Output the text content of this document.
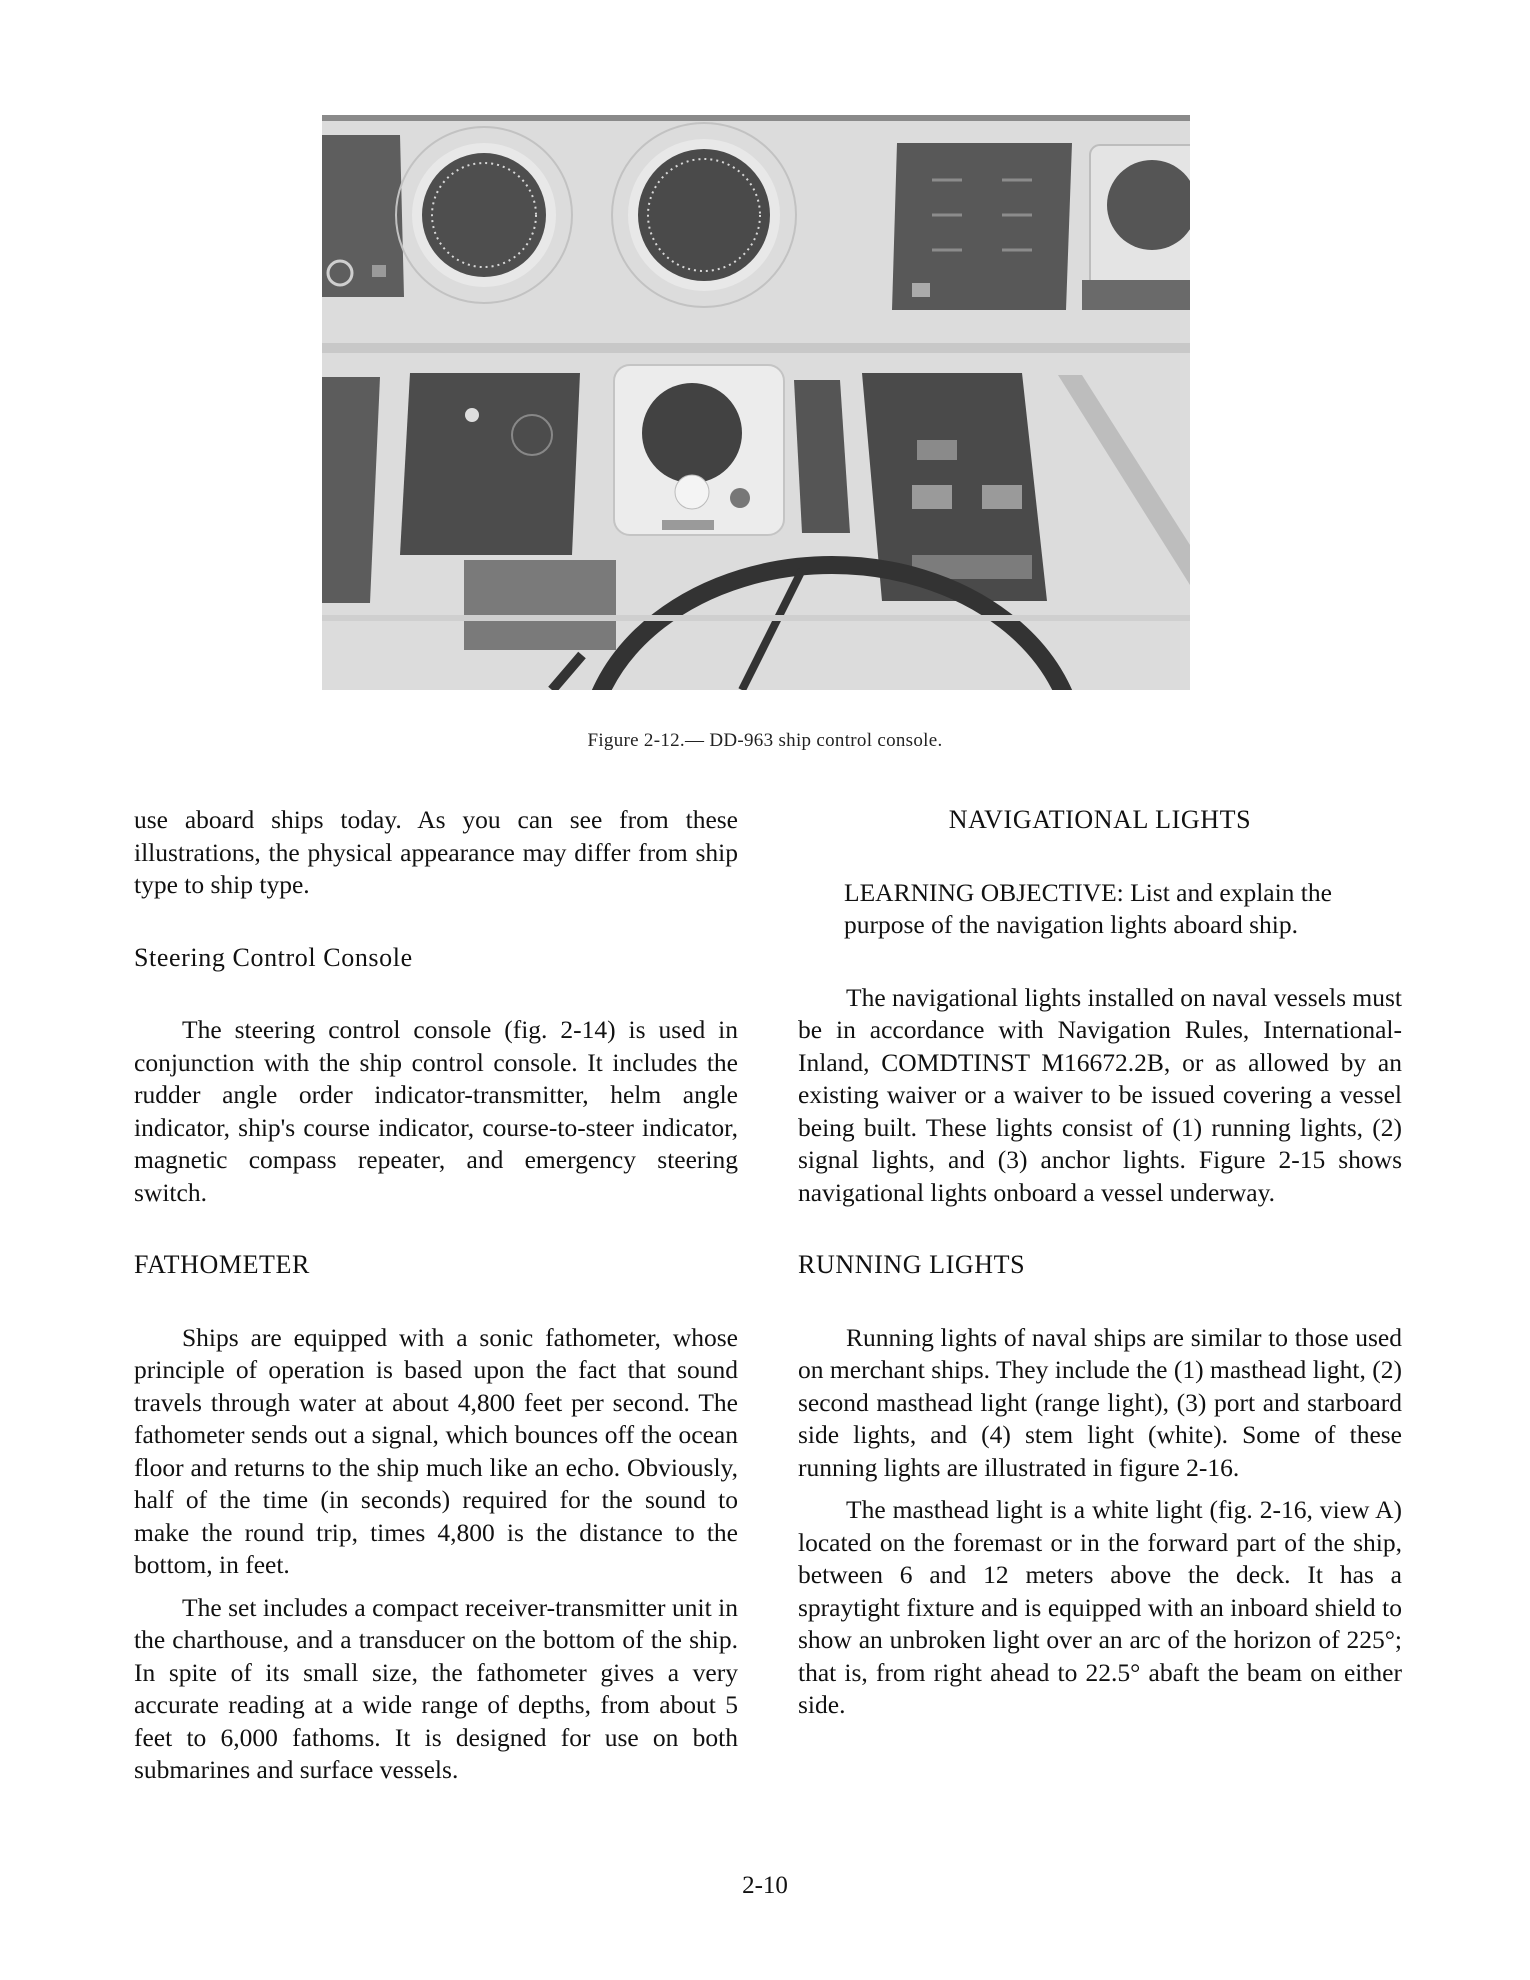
Figure 2-12.— DD-963 ship control console.

use aboard ships today. As you can see from these illustrations, the physical appearance may differ from ship type to ship type.

Steering Control Console

The steering control console (fig. 2-14) is used in conjunction with the ship control console. It includes the rudder angle order indicator-transmitter, helm angle indicator, ship's course indicator, course-to-steer indicator, magnetic compass repeater, and emergency steering switch.

FATHOMETER

Ships are equipped with a sonic fathometer, whose principle of operation is based upon the fact that sound travels through water at about 4,800 feet per second. The fathometer sends out a signal, which bounces off the ocean floor and returns to the ship much like an echo. Obviously, half of the time (in seconds) required for the sound to make the round trip, times 4,800 is the distance to the bottom, in feet.

The set includes a compact receiver-transmitter unit in the charthouse, and a transducer on the bottom of the ship. In spite of its small size, the fathometer gives a very accurate reading at a wide range of depths, from about 5 feet to 6,000 fathoms. It is designed for use on both submarines and surface vessels.

NAVIGATIONAL LIGHTS

LEARNING OBJECTIVE: List and explain the purpose of the navigation lights aboard ship.

The navigational lights installed on naval vessels must be in accordance with Navigation Rules, International-Inland, COMDTINST M16672.2B, or as allowed by an existing waiver or a waiver to be issued covering a vessel being built. These lights consist of (1) running lights, (2) signal lights, and (3) anchor lights. Figure 2-15 shows navigational lights onboard a vessel underway.

RUNNING LIGHTS

Running lights of naval ships are similar to those used on merchant ships. They include the (1) masthead light, (2) second masthead light (range light), (3) port and starboard side lights, and (4) stem light (white). Some of these running lights are illustrated in figure 2-16.

The masthead light is a white light (fig. 2-16, view A) located on the foremast or in the forward part of the ship, between 6 and 12 meters above the deck. It has a spraytight fixture and is equipped with an inboard shield to show an unbroken light over an arc of the horizon of 225°; that is, from right ahead to 22.5° abaft the beam on either side.

2-10
